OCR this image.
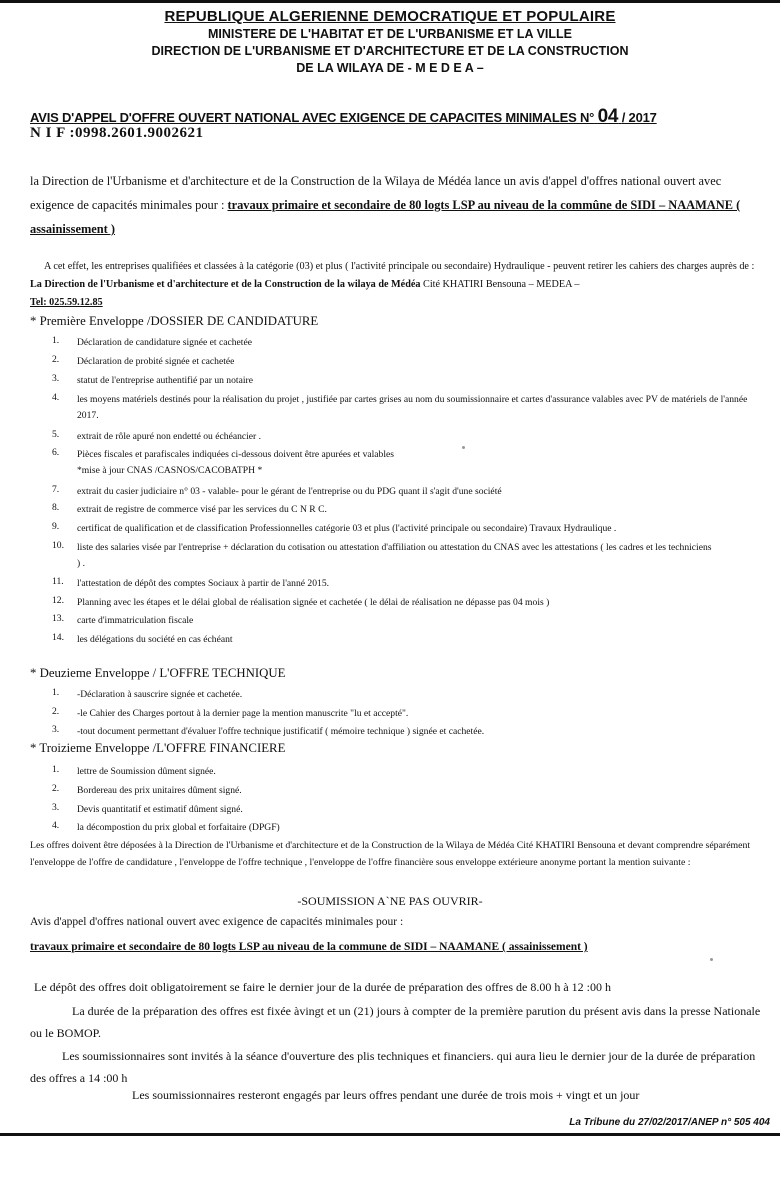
REPUBLIQUE ALGERIENNE DEMOCRATIQUE ET POPULAIRE
MINISTERE DE L'HABITAT ET DE L'URBANISME ET LA VILLE
DIRECTION DE L'URBANISME ET D'ARCHITECTURE ET DE LA CONSTRUCTION
DE LA WILAYA DE - M E D E A –
AVIS D'APPEL D'OFFRE OUVERT NATIONAL AVEC EXIGENCE DE CAPACITES MINIMALES N° 04 / 2017
N I F :0998.2601.9002621
la Direction de l'Urbanisme et d'architecture et de la Construction de la Wilaya de Médéa lance un avis d'appel d'offres national ouvert avec exigence de capacités minimales pour : travaux primaire et secondaire de 80 logts LSP au niveau de la commûne de SIDI – NAAMANE ( assainissement )
A cet effet, les entreprises qualifiées et classées à la catégorie (03) et plus ( l'activité principale ou secondaire) Hydraulique - peuvent retirer les cahiers des charges auprès de : La Direction de l'Urbanisme et d'architecture et de la Construction de la wilaya de Médéa Cité KHATIRI Bensouna – MEDEA –
Tel: 025.59.12.85
* Première Enveloppe /DOSSIER DE CANDIDATURE
1. Déclaration de candidature signée et cachetée
2. Déclaration de probité signée et cachetée
3. statut de l'entreprise authentifié par un notaire
4. les moyens matériels destinés pour la réalisation du projet , justifiée par cartes grises au nom du soumissionnaire et cartes d'assurance valables avec PV de matériels de l'année 2017.
5. extrait de rôle apuré non endetté ou échéancier .
6. Pièces fiscales et parafiscales indiquées ci-dessous doivent être apurées et valables
*mise à jour CNAS /CASNOS/CACOBATPH *
7. extrait du casier judiciaire n° 03 - valable- pour le gérant de l'entreprise ou du PDG quant il s'agit d'une société
8. extrait de registre de commerce visé par les services du C N R C.
9. certificat de qualification et de classification Professionnelles catégorie 03 et plus (l'activité principale ou secondaire) Travaux Hydraulique .
10. liste des salaries visée par l'entreprise + déclaration du cotisation ou attestation d'affiliation ou attestation du CNAS avec les attestations ( les cadres et les techniciens ) .
11. l'attestation de dépôt des comptes Sociaux à partir de l'anné 2015.
12. Planning avec les étapes et le délai global de réalisation signée et cachetée ( le délai de réalisation ne dépasse pas 04 mois )
13. carte d'immatriculation fiscale
14. les délégations du société en cas échéant
* Deuzieme Enveloppe / L'OFFRE TECHNIQUE
1. -Déclaration à sauscrire signée et cachetée.
2. -le Cahier des Charges portout à la dernier page la mention manuscrite "lu et accepté".
3. -tout document permettant d'évaluer l'offre technique justificatif ( mémoire technique ) signée et cachetée.
* Troizieme Enveloppe /L'OFFRE FINANCIERE
1. lettre de Soumission dûment signée.
2. Bordereau des prix unitaires dûment signé.
3. Devis quantitatif et estimatif dûment signé.
4. la décompostion du prix global et forfaitaire (DPGF)
Les offres doivent être déposées à la Direction de l'Urbanisme et d'architecture et de la Construction de la Wilaya de Médéa Cité KHATIRI Bensouna et devant comprendre séparément l'enveloppe de l'offre de candidature , l'enveloppe de l'offre technique , l'enveloppe de l'offre financière sous enveloppe extérieure anonyme portant la mention suivante :
-SOUMISSION A`NE PAS OUVRIR-
Avis d'appel d'offres national ouvert avec exigence de capacités minimales pour :
travaux primaire et secondaire de 80 logts LSP au niveau de la commune de SIDI – NAAMANE ( assainissement )
Le dépôt des offres doit obligatoirement se faire le dernier jour de la durée de préparation des offres de 8.00 h à 12 :00 h
La durée de la préparation des offres est fixée àvingt et un (21) jours à compter de la première parution du présent avis dans la presse Nationale ou le BOMOP.
Les soumissionnaires sont invités à la séance d'ouverture des plis techniques et financiers. qui aura lieu le dernier jour de la durée de préparation des offres a 14 :00 h
Les soumissionnaires resteront engagés par leurs offres pendant une durée de trois mois + vingt et un jour
La Tribune du 27/02/2017/ANEP n° 505 404
